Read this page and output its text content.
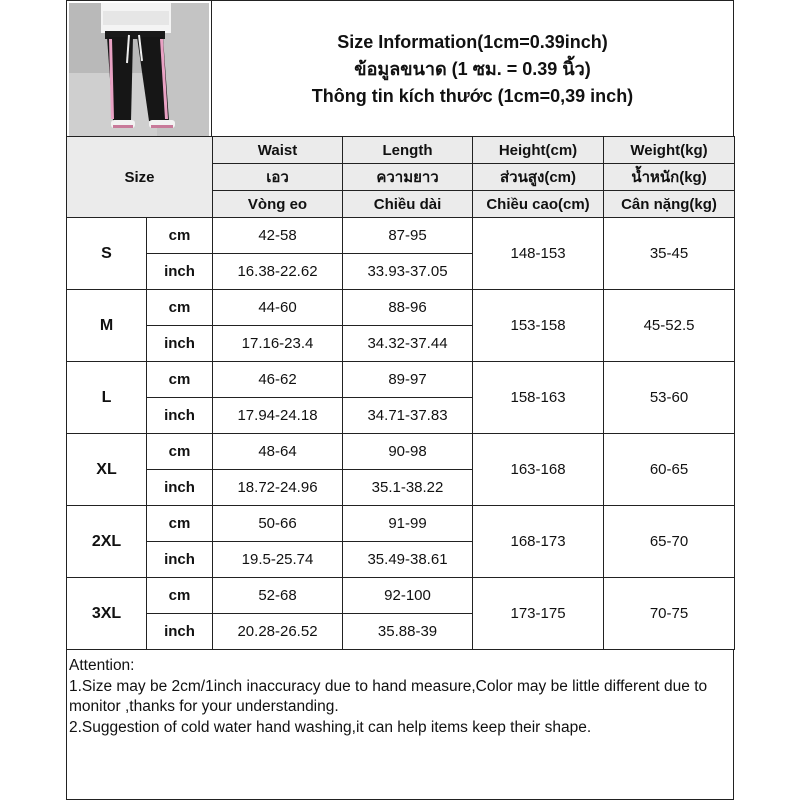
Size Information(1cm=0.39inch)
ข้อมูลขนาด (1 ซม. = 0.39 นิ้ว)
Thông tin kích thước (1cm=0,39 inch)
Size		Waist	Length	Height(cm)	Weight(kg)
		เอว	ความยาว	ส่วนสูง(cm)	น้ำหนัก(kg)
		Vòng eo	Chiều dài	Chiều cao(cm)	Cân nặng(kg)
S	cm	42-58	87-95	148-153	35-45
	inch	16.38-22.62	33.93-37.05		
M	cm	44-60	88-96	153-158	45-52.5
	inch	17.16-23.4	34.32-37.44		
L	cm	46-62	89-97	158-163	53-60
	inch	17.94-24.18	34.71-37.83		
XL	cm	48-64	90-98	163-168	60-65
	inch	18.72-24.96	35.1-38.22		
2XL	cm	50-66	91-99	168-173	65-70
	inch	19.5-25.74	35.49-38.61		
3XL	cm	52-68	92-100	173-175	70-75
	inch	20.28-26.52	35.88-39		
Attention:
1.Size may be 2cm/1inch inaccuracy due to hand measure,Color may be little different due to monitor ,thanks for your understanding.
2.Suggestion of cold water hand washing,it can help items keep their shape.
